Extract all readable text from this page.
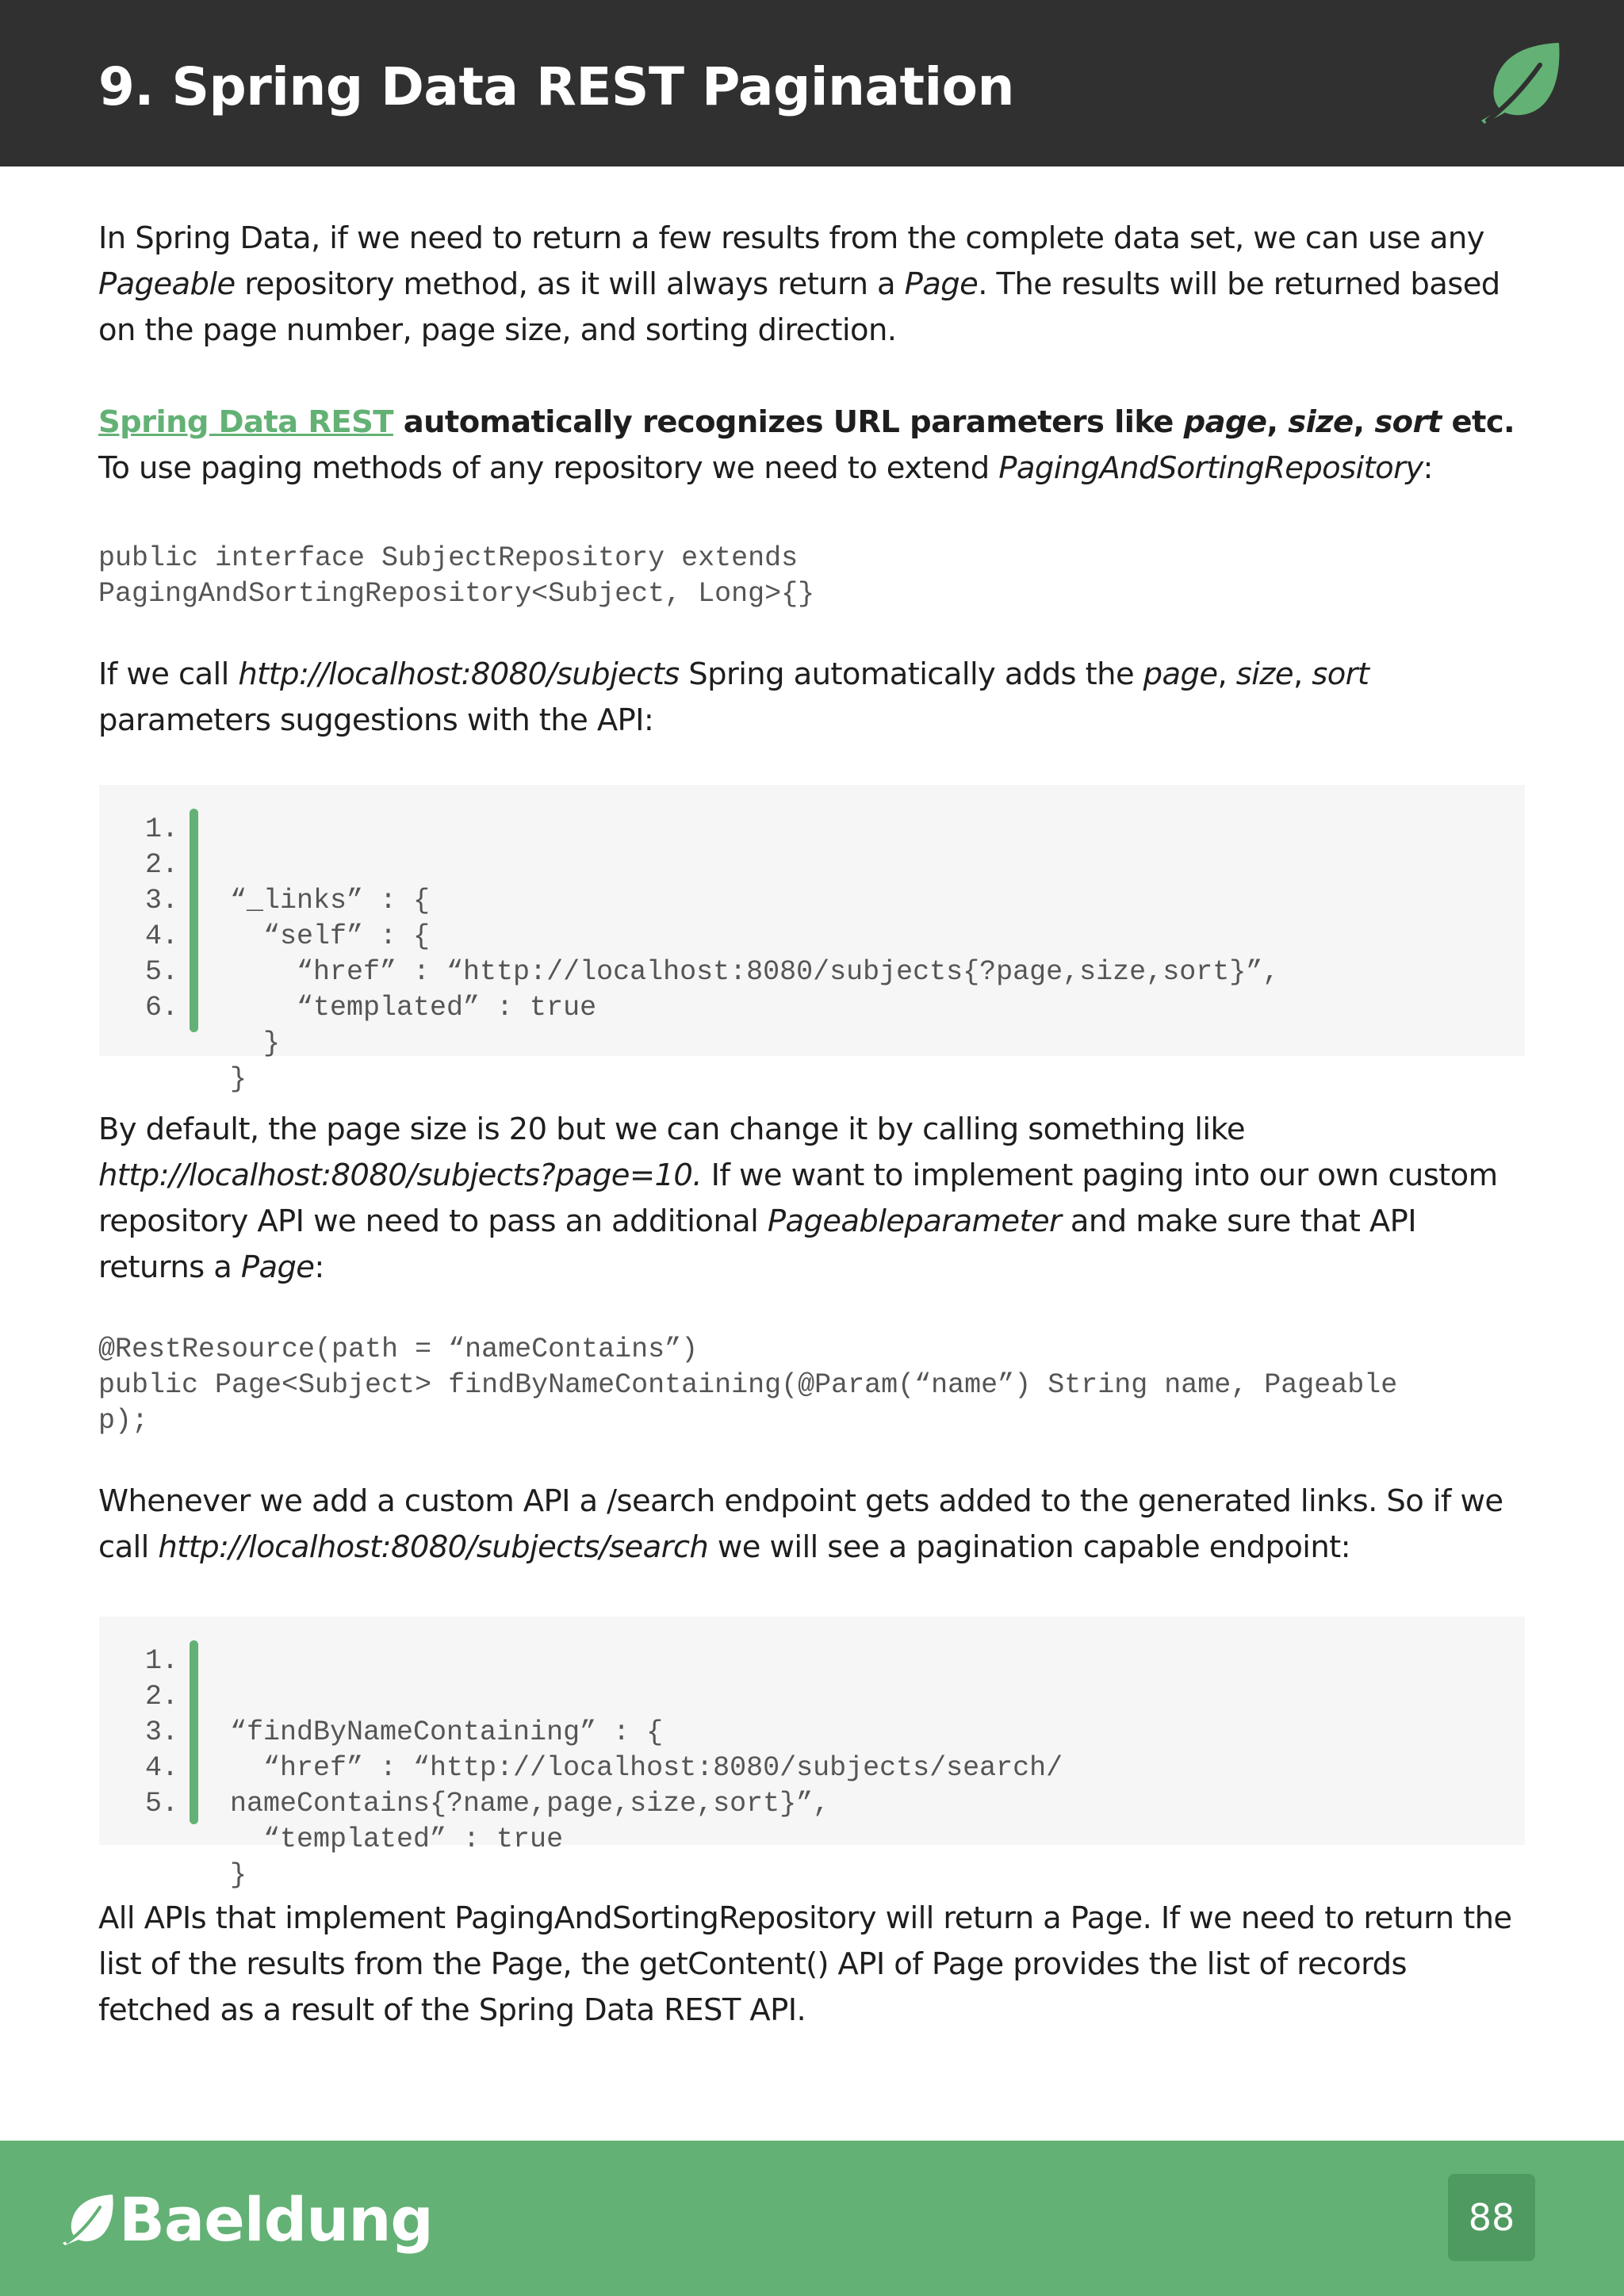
9. Spring Data REST Pagination

In Spring Data, if we need to return a few results from the complete data set, we can use any Pageable repository method, as it will always return a Page. The results will be returned based on the page number, page size, and sorting direction.

Spring Data REST automatically recognizes URL parameters like page, size, sort etc. To use paging methods of any repository we need to extend PagingAndSortingRepository:

public interface SubjectRepository extends
PagingAndSortingRepository<Subject, Long>{}

If we call http://localhost:8080/subjects Spring automatically adds the page, size, sort parameters suggestions with the API:

1.
2.
3.
4.
5.
6.

“_links” : {
“self” : {
“href” : “http://localhost:8080/subjects{?page,size,sort}”,
“templated” : true
}
}

By default, the page size is 20 but we can change it by calling something like http://localhost:8080/subjects?page=10. If we want to implement paging into our own custom repository API we need to pass an additional Pageableparameter and make sure that API returns a Page:

@RestResource(path = “nameContains”)
public Page<Subject> findByNameContaining(@Param(“name”) String name, Pageable
p);

Whenever we add a custom API a /search endpoint gets added to the generated links. So if we call http://localhost:8080/subjects/search we will see a pagination capable endpoint:

1.
2.
3.
4.
5.

“findByNameContaining” : {
“href” : “http://localhost:8080/subjects/search/
nameContains{?name,page,size,sort}”,
“templated” : true
}

All APIs that implement PagingAndSortingRepository will return a Page. If we need to return the list of the results from the Page, the getContent() API of Page provides the list of records fetched as a result of the Spring Data REST API.

Baeldung	88
